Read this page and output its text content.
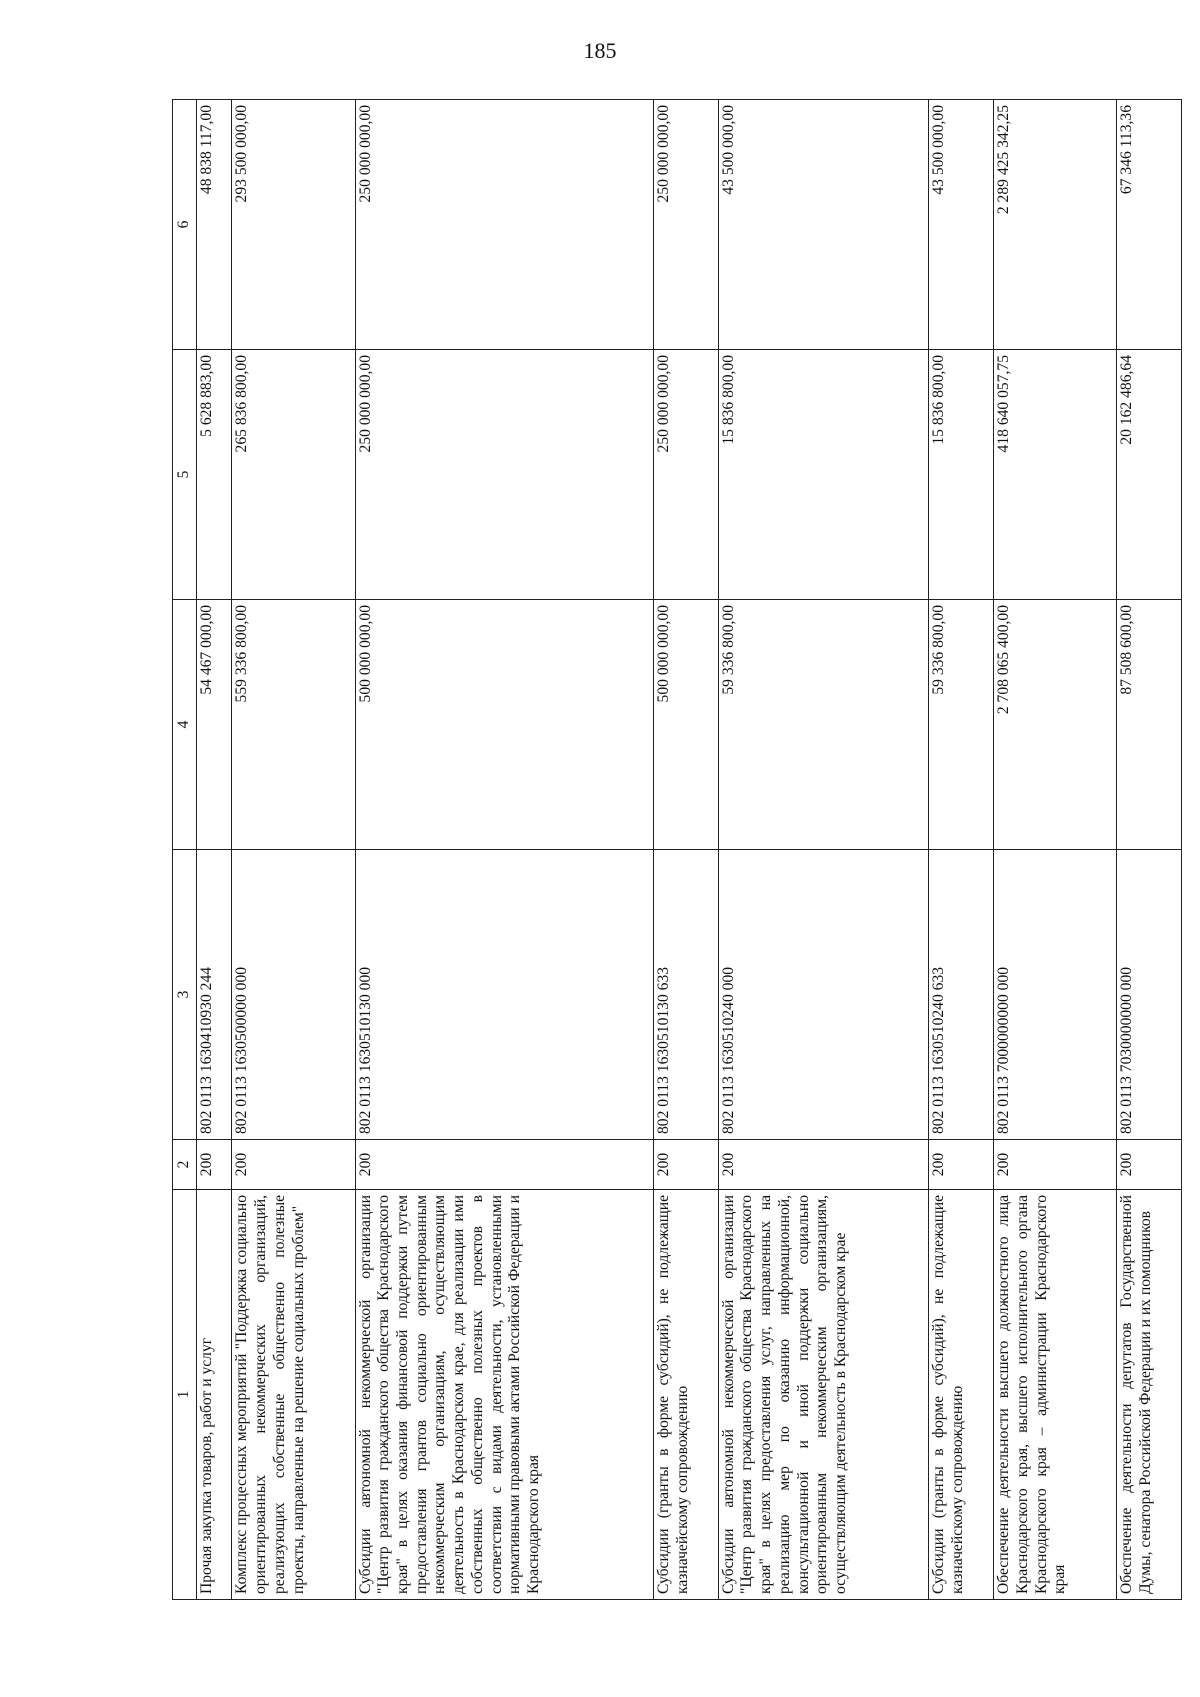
185
1	2	3	4	5	6
Прочая закупка товаров, работ и услуг	200	802 0113 1630410930 244	54 467 000,00	5 628 883,00	48 838 117,00
Комплекс процессных мероприятий "Поддержка социально ориентированных некоммерческих организаций, реализующих собственные общественно полезные проекты, направленные на решение социальных проблем"	200	802 0113 1630500000 000	559 336 800,00	265 836 800,00	293 500 000,00
Субсидии автономной некоммерческой организации "Центр развития гражданского общества Краснодарского края" в целях оказания финансовой поддержки путем предоставления грантов социально ориентированным некоммерческим организациям, осуществляющим деятельность в Краснодарском крае, для реализации ими собственных общественно полезных проектов в соответствии с видами деятельности, установленными нормативными правовыми актами Российской Федерации и Краснодарского края	200	802 0113 1630510130 000	500 000 000,00	250 000 000,00	250 000 000,00
Субсидии (гранты в форме субсидий), не подлежащие казначейскому сопровождению	200	802 0113 1630510130 633	500 000 000,00	250 000 000,00	250 000 000,00
Субсидии автономной некоммерческой организации "Центр развития гражданского общества Краснодарского края" в целях предоставления услуг, направленных на реализацию мер по оказанию информационной, консультационной и иной поддержки социально ориентированным некоммерческим организациям, осуществляющим деятельность в Краснодарском крае	200	802 0113 1630510240 000	59 336 800,00	15 836 800,00	43 500 000,00
Субсидии (гранты в форме субсидий), не подлежащие казначейскому сопровождению	200	802 0113 1630510240 633	59 336 800,00	15 836 800,00	43 500 000,00
Обеспечение деятельности высшего должностного лица Краснодарского края, высшего исполнительного органа Краснодарского края – администрации Краснодарского края	200	802 0113 7000000000 000	2 708 065 400,00	418 640 057,75	2 289 425 342,25
Обеспечение деятельности депутатов Государственной Думы, сенатора Российской Федерации и их помощников	200	802 0113 7030000000 000	87 508 600,00	20 162 486,64	67 346 113,36
